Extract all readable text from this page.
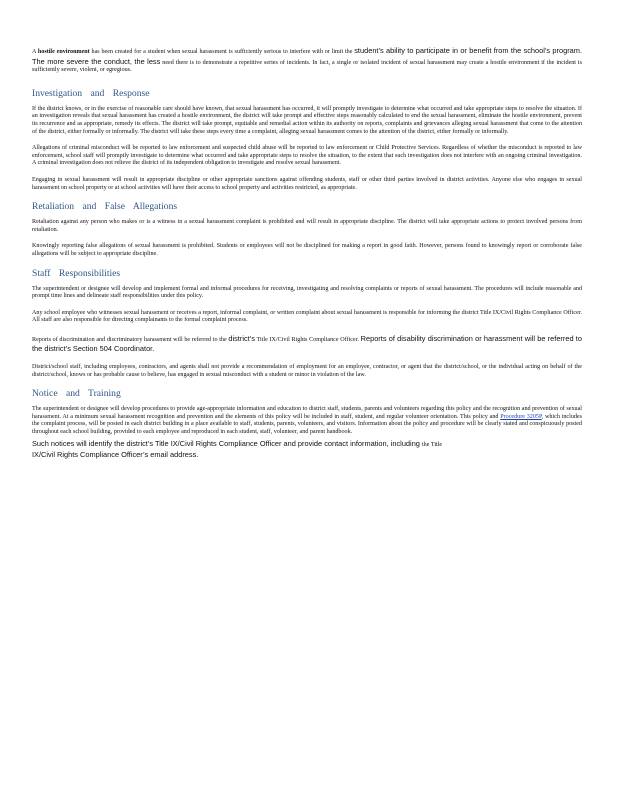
A hostile environment has been created for a student when sexual harassment is sufficiently serious to interfere with or limit the student’s ability to participate in or benefit from the school’s program. The more severe the conduct, the less need there is to demonstrate a repetitive series of incidents. In fact, a single or isolated incident of sexual harassment may create a hostile environment if the incident is sufficiently severe, violent, or egregious.

Investigation and Response

If the district knows, or in the exercise of reasonable care should have known, that sexual harassment has occurred, it will promptly investigate to determine what occurred and take appropriate steps to resolve the situation. If an investigation reveals that sexual harassment has created a hostile environment, the district will take prompt and effective steps reasonably calculated to end the sexual harassment, eliminate the hostile environment, prevent its recurrence and as appropriate, remedy its effects. The district will take prompt, equitable and remedial action within its authority on reports, complaints and grievances alleging sexual harassment that come to the attention of the district, either formally or informally. The district will take these steps every time a complaint, alleging sexual harassment comes to the attention of the district, either formally or informally.

Allegations of criminal misconduct will be reported to law enforcement and suspected child abuse will be reported to law enforcement or Child Protective Services. Regardless of whether the misconduct is reported to law enforcement, school staff will promptly investigate to determine what occurred and take appropriate steps to resolve the situation, to the extent that such investigation does not interfere with an ongoing criminal investigation. A criminal investigation does not relieve the district of its independent obligation to investigate and resolve sexual harassment.

Engaging in sexual harassment will result in appropriate discipline or other appropriate sanctions against offending students, staff or other third parties involved in district activities. Anyone else who engages in sexual harassment on school property or at school activities will have their access to school property and activities restricted, as appropriate.

Retaliation and False Allegations

Retaliation against any person who makes or is a witness in a sexual harassment complaint is prohibited and will result in appropriate discipline. The district will take appropriate actions to protect involved persons from retaliation.

Knowingly reporting false allegations of sexual harassment is prohibited. Students or employees will not be disciplined for making a report in good faith. However, persons found to knowingly report or corroborate false allegations will be subject to appropriate discipline.

Staff Responsibilities

The superintendent or designee will develop and implement formal and informal procedures for receiving, investigating and resolving complaints or reports of sexual harassment. The procedures will include reasonable and prompt time lines and delineate staff responsibilities under this policy.

Any school employee who witnesses sexual harassment or receives a report, informal complaint, or written complaint about sexual harassment is responsible for informing the district Title IX/Civil Rights Compliance Officer. All staff are also responsible for directing complainants to the formal complaint process.

Reports of discrimination and discriminatory harassment will be referred to the district’s Title IX/Civil Rights Compliance Officer. Reports of disability discrimination or harassment will be referred to the district’s Section 504 Coordinator.

District/school staff, including employees, contractors, and agents shall not provide a recommendation of employment for an employee, contractor, or agent that the district/school, or the individual acting on behalf of the district/school, knows or has probable cause to believe, has engaged in sexual misconduct with a student or minor in violation of the law.

Notice and Training

The superintendent or designee will develop procedures to provide age-appropriate information and education to district staff, students, parents and volunteers regarding this policy and the recognition and prevention of sexual harassment. At a minimum sexual harassment recognition and prevention and the elements of this policy will be included in staff, student, and regular volunteer orientation. This policy and Procedure 3205P, which includes the complaint process, will be posted in each district building in a place available to staff, students, parents, volunteers, and visitors. Information about the policy and procedure will be clearly stated and conspicuously posted throughout each school building, provided to each employee and reproduced in each student, staff, volunteer, and parent handbook.

Such notices will identify the district’s Title IX/Civil Rights Compliance Officer and provide contact information, including the Title
IX/Civil Rights Compliance Officer’s email address.
